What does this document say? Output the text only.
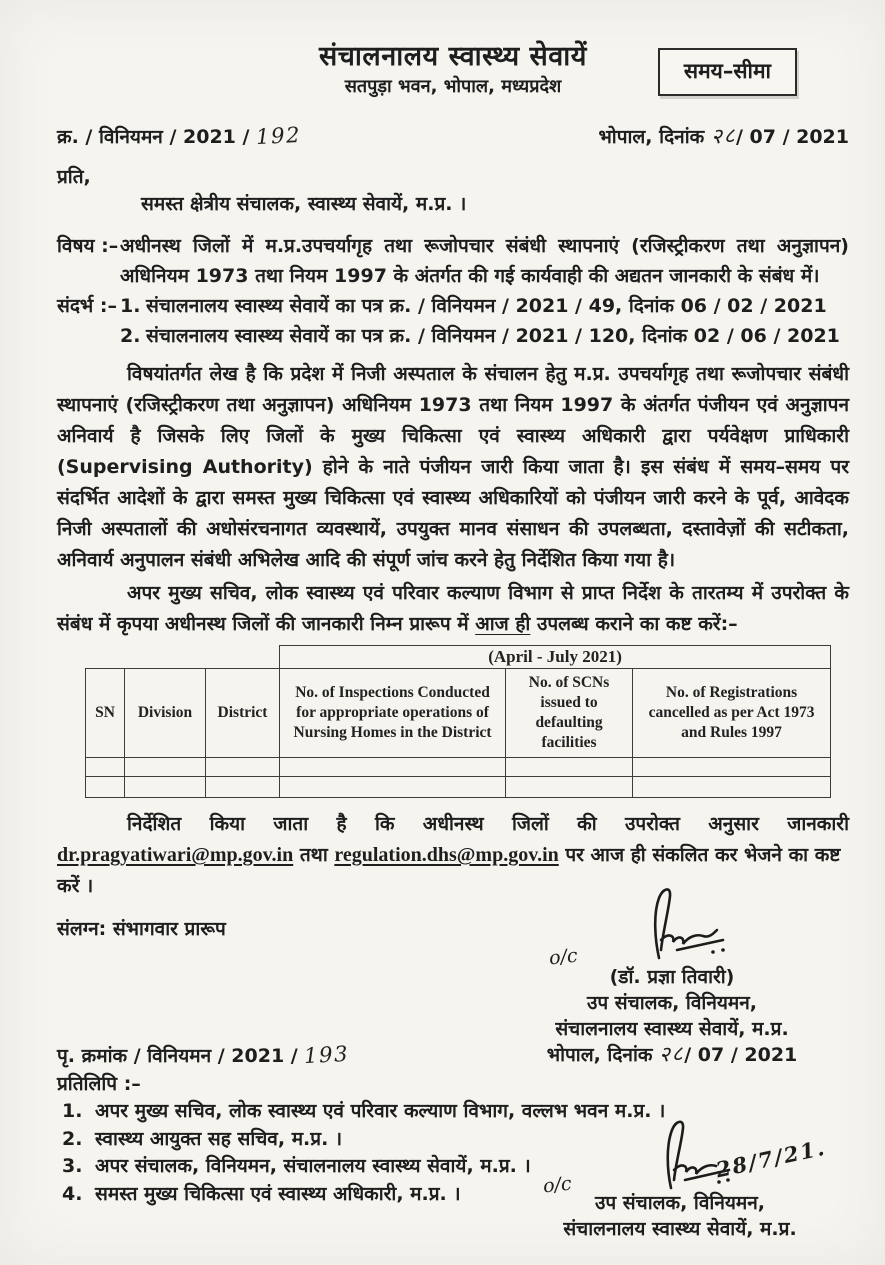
समय–सीमा
संचालनालय स्वास्थ्य सेवायें
सतपुड़ा भवन, भोपाल, मध्यप्रदेश
क्र. / विनियमन / 2021 / 192	भोपाल, दिनांक २८/ 07 / 2021
प्रति,
समस्त क्षेत्रीय संचालक, स्वास्थ्य सेवायें, म.प्र. ।
विषय :– अधीनस्थ जिलों में म.प्र.उपचर्यागृह तथा रूजोपचार संबंधी स्थापनाएं (रजिस्ट्रीकरण तथा अनुज्ञापन) अधिनियम 1973 तथा नियम 1997 के अंतर्गत की गई कार्यवाही की अद्यतन जानकारी के संबंध में।
संदर्भ :– 1. संचालनालय स्वास्थ्य सेवायें का पत्र क्र. / विनियमन / 2021 / 49, दिनांक 06 / 02 / 2021
2. संचालनालय स्वास्थ्य सेवायें का पत्र क्र. / विनियमन / 2021 / 120, दिनांक 02 / 06 / 2021
विषयांतर्गत लेख है कि प्रदेश में निजी अस्पताल के संचालन हेतु म.प्र. उपचर्यागृह तथा रूजोपचार संबंधी स्थापनाएं (रजिस्ट्रीकरण तथा अनुज्ञापन) अधिनियम 1973 तथा नियम 1997 के अंतर्गत पंजीयन एवं अनुज्ञापन अनिवार्य है जिसके लिए जिलों के मुख्य चिकित्सा एवं स्वास्थ्य अधिकारी द्वारा पर्यवेक्षण प्राधिकारी (Supervising Authority) होने के नाते पंजीयन जारी किया जाता है। इस संबंध में समय–समय पर संदर्भित आदेशों के द्वारा समस्त मुख्य चिकित्सा एवं स्वास्थ्य अधिकारियों को पंजीयन जारी करने के पूर्व, आवेदक निजी अस्पतालों की अधोसंरचनागत व्यवस्थायें, उपयुक्त मानव संसाधन की उपलब्धता, दस्तावेज़ों की सटीकता, अनिवार्य अनुपालन संबंधी अभिलेख आदि की संपूर्ण जांच करने हेतु निर्देशित किया गया है।
अपर मुख्य सचिव, लोक स्वास्थ्य एवं परिवार कल्याण विभाग से प्राप्त निर्देश के तारतम्य में उपरोक्त के संबंध में कृपया अधीनस्थ जिलों की जानकारी निम्न प्रारूप में आज ही उपलब्ध कराने का कष्ट करें:–
			(April - July 2021)		
SN	Division	District	No. of Inspections Conducted for appropriate operations of Nursing Homes in the District	No. of SCNs issued to defaulting facilities	No. of Registrations cancelled as per Act 1973 and Rules 1997

निर्देशित किया जाता है कि अधीनस्थ जिलों की उपरोक्त अनुसार जानकारी
dr.pragyatiwari@mp.gov.in तथा regulation.dhs@mp.gov.in पर आज ही संकलित कर भेजने का कष्ट करें ।
संलग्न: संभागवार प्रारूप
o/c
(डॉ. प्रज्ञा तिवारी)
उप संचालक, विनियमन,
संचालनालय स्वास्थ्य सेवायें, म.प्र.
भोपाल, दिनांक २८/ 07 / 2021
पृ. क्रमांक / विनियमन / 2021 / 193
प्रतिलिपि :–
1. अपर मुख्य सचिव, लोक स्वास्थ्य एवं परिवार कल्याण विभाग, वल्लभ भवन म.प्र. ।
2. स्वास्थ्य आयुक्त सह सचिव, म.प्र. ।
3. अपर संचालक, विनियमन, संचालनालय स्वास्थ्य सेवायें, म.प्र. ।
4. समस्त मुख्य चिकित्सा एवं स्वास्थ्य अधिकारी, म.प्र. ।	o/c
28/7/21.
उप संचालक, विनियमन,
संचालनालय स्वास्थ्य सेवायें, म.प्र.
